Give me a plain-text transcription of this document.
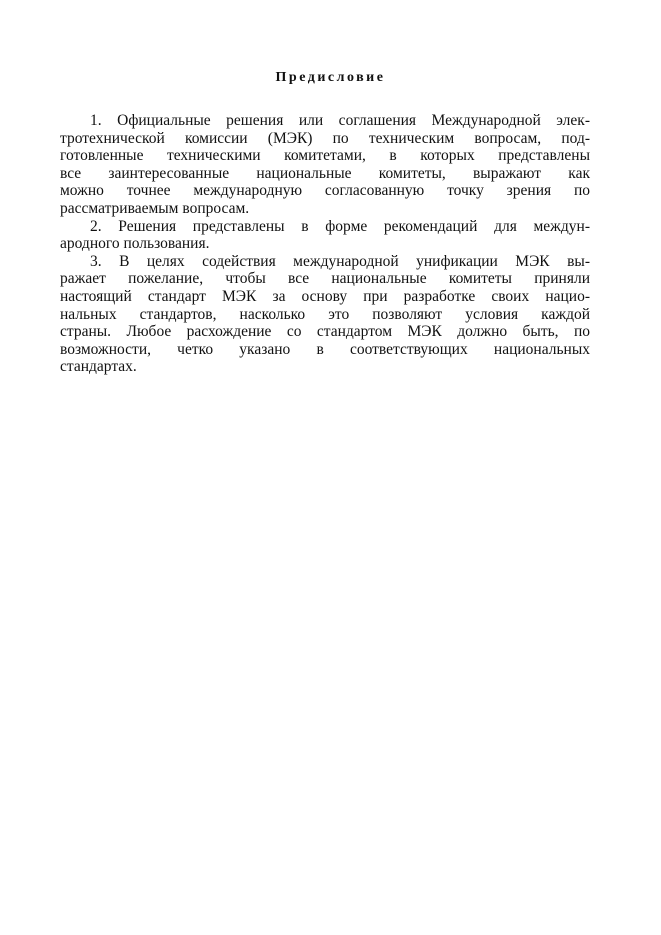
Предисловие

1. Официальные решения или соглашения Международной элек-
тротехнической комиссии (МЭК) по техническим вопросам, под-
готовленные техническими комитетами, в которых представлены
все заинтересованные национальные комитеты, выражают как
можно точнее международную согласованную точку зрения по
рассматриваемым вопросам.

2. Решения представлены в форме рекомендаций для междун-
ародного пользования.

3. В целях содействия международной унификации МЭК вы-
ражает пожелание, чтобы все национальные комитеты приняли
настоящий стандарт МЭК за основу при разработке своих нацио-
нальных стандартов, насколько это позволяют условия каждой
страны. Любое расхождение со стандартом МЭК должно быть, по
возможности, четко указано в соответствующих национальных
стандартах.
